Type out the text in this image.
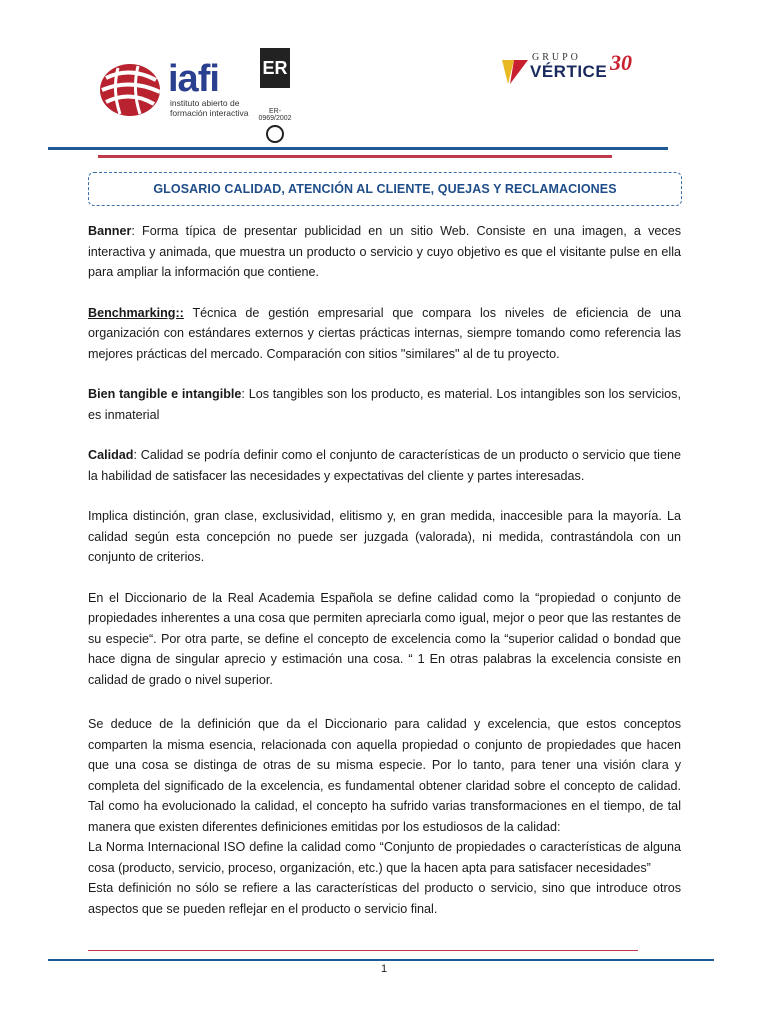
iafi
instituto abierto de formación interactiva
ER
ER-0969/2002
GRUPO
VÉRTICE 30
GLOSARIO CALIDAD, ATENCIÓN AL CLIENTE, QUEJAS Y RECLAMACIONES

Banner: Forma típica de presentar publicidad en un sitio Web. Consiste en una imagen, a veces interactiva y animada, que muestra un producto o servicio y cuyo objetivo es que el visitante pulse en ella para ampliar la información que contiene.

Benchmarking:: Técnica de gestión empresarial que compara los niveles de eficiencia de una organización con estándares externos y ciertas prácticas internas, siempre tomando como referencia las mejores prácticas del mercado. Comparación con sitios "similares" al de tu proyecto.

Bien tangible e intangible: Los tangibles son los producto, es material. Los intangibles son los servicios, es inmaterial

Calidad: Calidad se podría definir como el conjunto de características de un producto o servicio que tiene la habilidad de satisfacer las necesidades y expectativas del cliente y partes interesadas.

Implica distinción, gran clase, exclusividad, elitismo y, en gran medida, inaccesible para la mayoría. La calidad según esta concepción no puede ser juzgada (valorada), ni medida, contrastándola con un conjunto de criterios.

En el Diccionario de la Real Academia Española se define calidad como la “propiedad o conjunto de propiedades inherentes a una cosa que permiten apreciarla como igual, mejor o peor que las restantes de su especie“. Por otra parte, se define el concepto de excelencia como la “superior calidad o bondad que hace digna de singular aprecio y estimación una cosa. “ 1 En otras palabras la excelencia consiste en calidad de grado o nivel superior.

Se deduce de la definición que da el Diccionario para calidad y excelencia, que estos conceptos comparten la misma esencia, relacionada con aquella propiedad o conjunto de propiedades que hacen que una cosa se distinga de otras de su misma especie. Por lo tanto, para tener una visión clara y completa del significado de la excelencia, es fundamental obtener claridad sobre el concepto de calidad. Tal como ha evolucionado la calidad, el concepto ha sufrido varias transformaciones en el tiempo, de tal manera que existen diferentes definiciones emitidas por los estudiosos de la calidad:

La Norma Internacional ISO define la calidad como “Conjunto de propiedades o características de alguna cosa (producto, servicio, proceso, organización, etc.) que la hacen apta para satisfacer necesidades”

Esta definición no sólo se refiere a las características del producto o servicio, sino que introduce otros aspectos que se pueden reflejar en el producto o servicio final.

1
